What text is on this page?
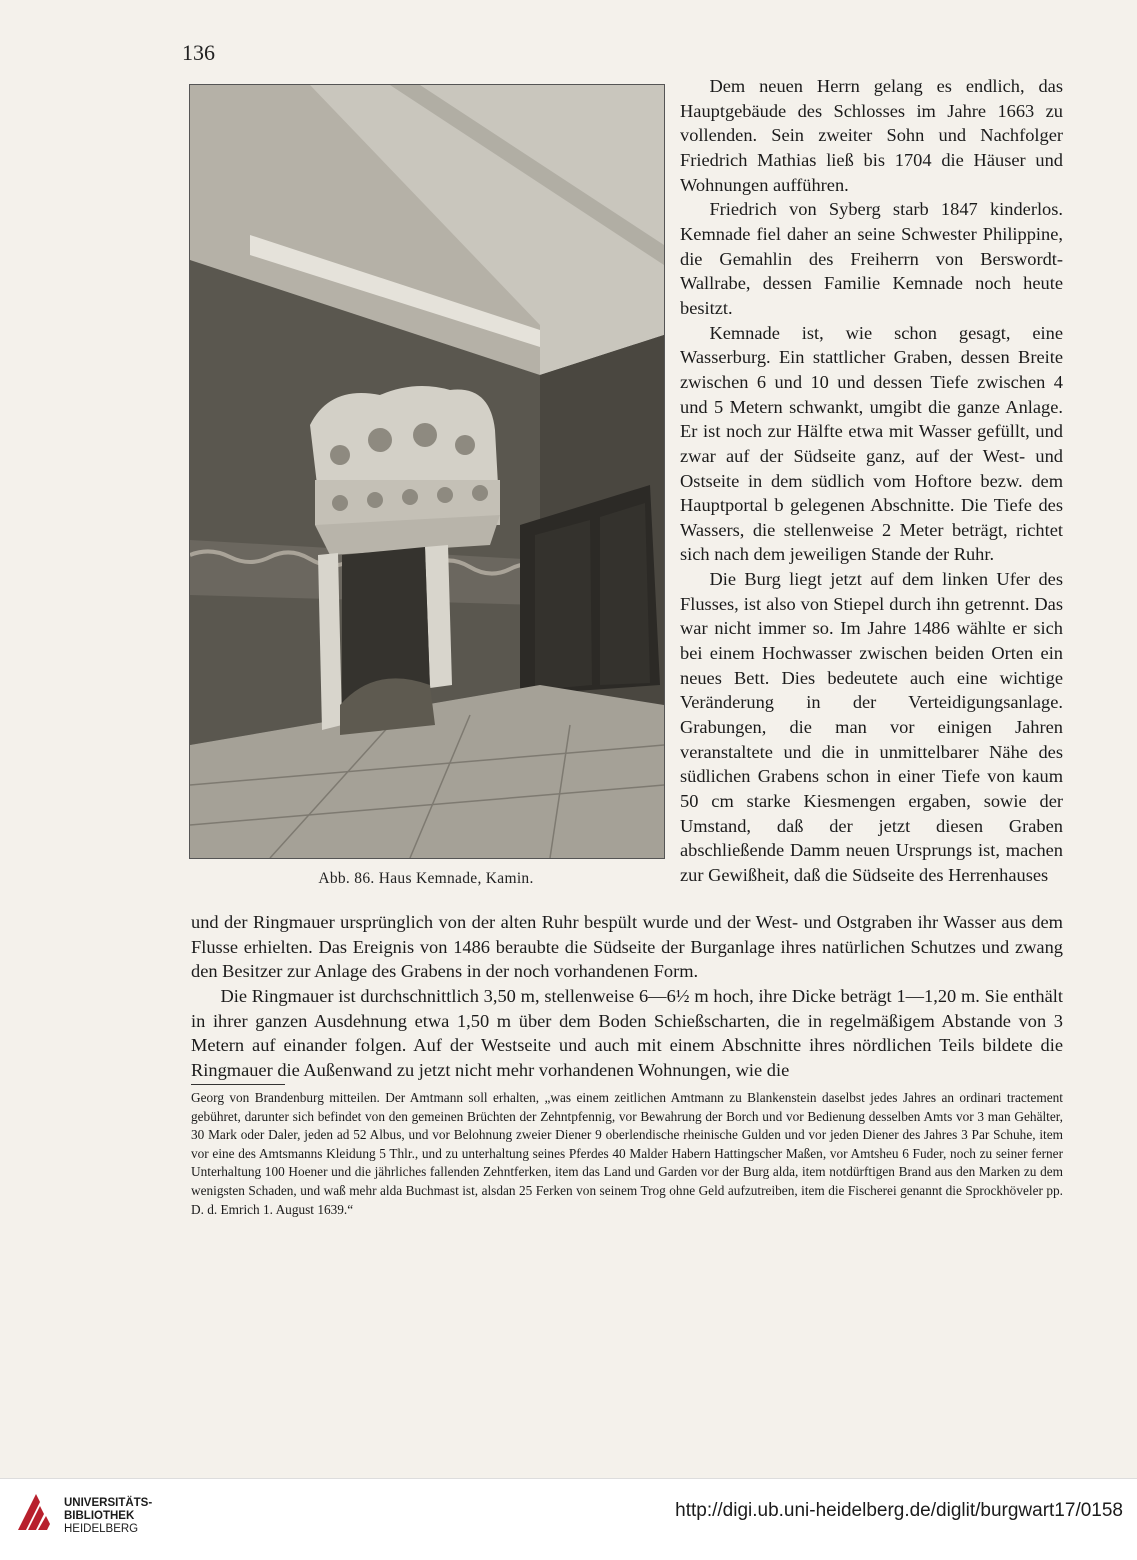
136
Abb. 86. Haus Kemnade, Kamin.

Dem neuen Herrn gelang es endlich, das Hauptgebäude des Schlosses im Jahre 1663 zu vollenden. Sein zweiter Sohn und Nachfolger Friedrich Mathias ließ bis 1704 die Häuser und Wohnungen aufführen.

Friedrich von Syberg starb 1847 kinderlos. Kemnade fiel daher an seine Schwester Philippine, die Gemahlin des Freiherrn von Berswordt-Wallrabe, dessen Familie Kemnade noch heute besitzt.

Kemnade ist, wie schon gesagt, eine Wasserburg. Ein stattlicher Graben, dessen Breite zwischen 6 und 10 und dessen Tiefe zwischen 4 und 5 Metern schwankt, umgibt die ganze Anlage. Er ist noch zur Hälfte etwa mit Wasser gefüllt, und zwar auf der Südseite ganz, auf der West- und Ostseite in dem südlich vom Hoftore bezw. dem Hauptportal b gelegenen Abschnitte. Die Tiefe des Wassers, die stellenweise 2 Meter beträgt, richtet sich nach dem jeweiligen Stande der Ruhr.

Die Burg liegt jetzt auf dem linken Ufer des Flusses, ist also von Stiepel durch ihn getrennt. Das war nicht immer so. Im Jahre 1486 wählte er sich bei einem Hochwasser zwischen beiden Orten ein neues Bett. Dies bedeutete auch eine wichtige Veränderung in der Verteidigungsanlage. Grabungen, die man vor einigen Jahren veranstaltete und die in unmittelbarer Nähe des südlichen Grabens schon in einer Tiefe von kaum 50 cm starke Kiesmengen ergaben, sowie der Umstand, daß der jetzt diesen Graben abschließende Damm neuen Ursprungs ist, machen zur Gewißheit, daß die Südseite des Herrenhauses

und der Ringmauer ursprünglich von der alten Ruhr bespült wurde und der West- und Ostgraben ihr Wasser aus dem Flusse erhielten. Das Ereignis von 1486 beraubte die Südseite der Burganlage ihres natürlichen Schutzes und zwang den Besitzer zur Anlage des Grabens in der noch vorhandenen Form.

Die Ringmauer ist durchschnittlich 3,50 m, stellenweise 6—6½ m hoch, ihre Dicke beträgt 1—1,20 m. Sie enthält in ihrer ganzen Ausdehnung etwa 1,50 m über dem Boden Schießscharten, die in regelmäßigem Abstande von 3 Metern auf einander folgen. Auf der Westseite und auch mit einem Abschnitte ihres nördlichen Teils bildete die Ringmauer die Außenwand zu jetzt nicht mehr vorhandenen Wohnungen, wie die

Georg von Brandenburg mitteilen. Der Amtmann soll erhalten, „was einem zeitlichen Amtmann zu Blankenstein daselbst jedes Jahres an ordinari tractement gebühret, darunter sich befindet von den gemeinen Brüchten der Zehntpfennig, vor Bewahrung der Borch und vor Bedienung desselben Amts vor 3 man Gehälter, 30 Mark oder Daler, jeden ad 52 Albus, und vor Belohnung zweier Diener 9 oberlendische rheinische Gulden und vor jeden Diener des Jahres 3 Par Schuhe, item vor eine des Amtsmanns Kleidung 5 Thlr., und zu unterhaltung seines Pferdes 40 Malder Habern Hattingscher Maßen, vor Amtsheu 6 Fuder, noch zu seiner ferner Unterhaltung 100 Hoener und die jährliches fallenden Zehntferken, item das Land und Garden vor der Burg alda, item notdürftigen Brand aus den Marken zu dem wenigsten Schaden, und waß mehr alda Buchmast ist, alsdan 25 Ferken von seinem Trog ohne Geld aufzutreiben, item die Fischerei genannt die Sprockhöveler pp. D. d. Emrich 1. August 1639.“
UNIVERSITÄTS-
BIBLIOTHEK
HEIDELBERG
http://digi.ub.uni-heidelberg.de/diglit/burgwart17/0158
